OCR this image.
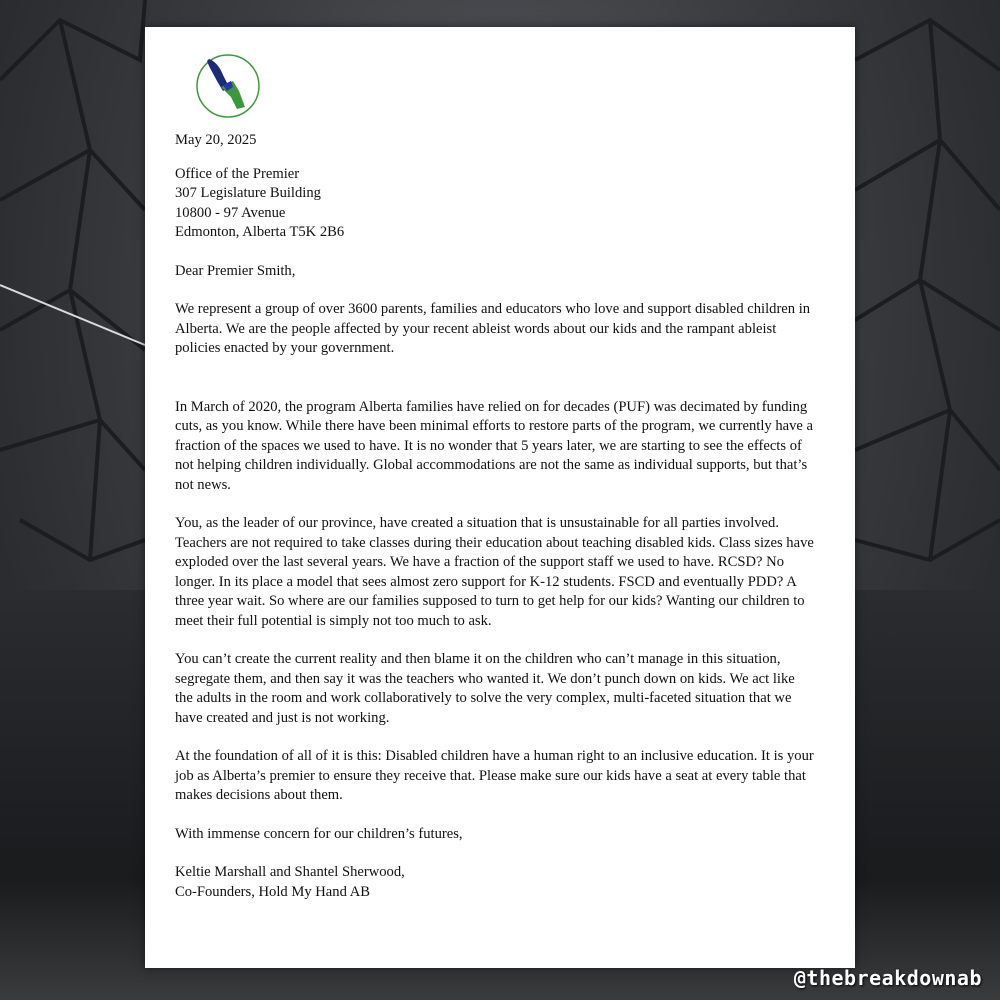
May 20, 2025

Office of the Premier

307 Legislature Building

10800 - 97 Avenue

Edmonton, Alberta T5K 2B6

Dear Premier Smith,

We represent a group of over 3600 parents, families and educators who love and support disabled children in Alberta. We are the people affected by your recent ableist words about our kids and the rampant ableist policies enacted by your government.

In March of 2020, the program Alberta families have relied on for decades (PUF) was decimated by funding cuts, as you know. While there have been minimal efforts to restore parts of the program, we currently have a fraction of the spaces we used to have. It is no wonder that 5 years later, we are starting to see the effects of not helping children individually. Global accommodations are not the same as individual supports, but that’s not news.

You, as the leader of our province, have created a situation that is unsustainable for all parties involved. Teachers are not required to take classes during their education about teaching disabled kids. Class sizes have exploded over the last several years. We have a fraction of the support staff we used to have. RCSD? No longer. In its place a model that sees almost zero support for K-12 students. FSCD and eventually PDD? A three year wait. So where are our families supposed to turn to get help for our kids? Wanting our children to meet their full potential is simply not too much to ask.

You can’t create the current reality and then blame it on the children who can’t manage in this situation, segregate them, and then say it was the teachers who wanted it. We don’t punch down on kids. We act like the adults in the room and work collaboratively to solve the very complex, multi-faceted situation that we have created and just is not working.

At the foundation of all of it is this: Disabled children have a human right to an inclusive education. It is your job as Alberta’s premier to ensure they receive that. Please make sure our kids have a seat at every table that makes decisions about them.

With immense concern for our children’s futures,

Keltie Marshall and Shantel Sherwood,

Co-Founders, Hold My Hand AB

@thebreakdownab
